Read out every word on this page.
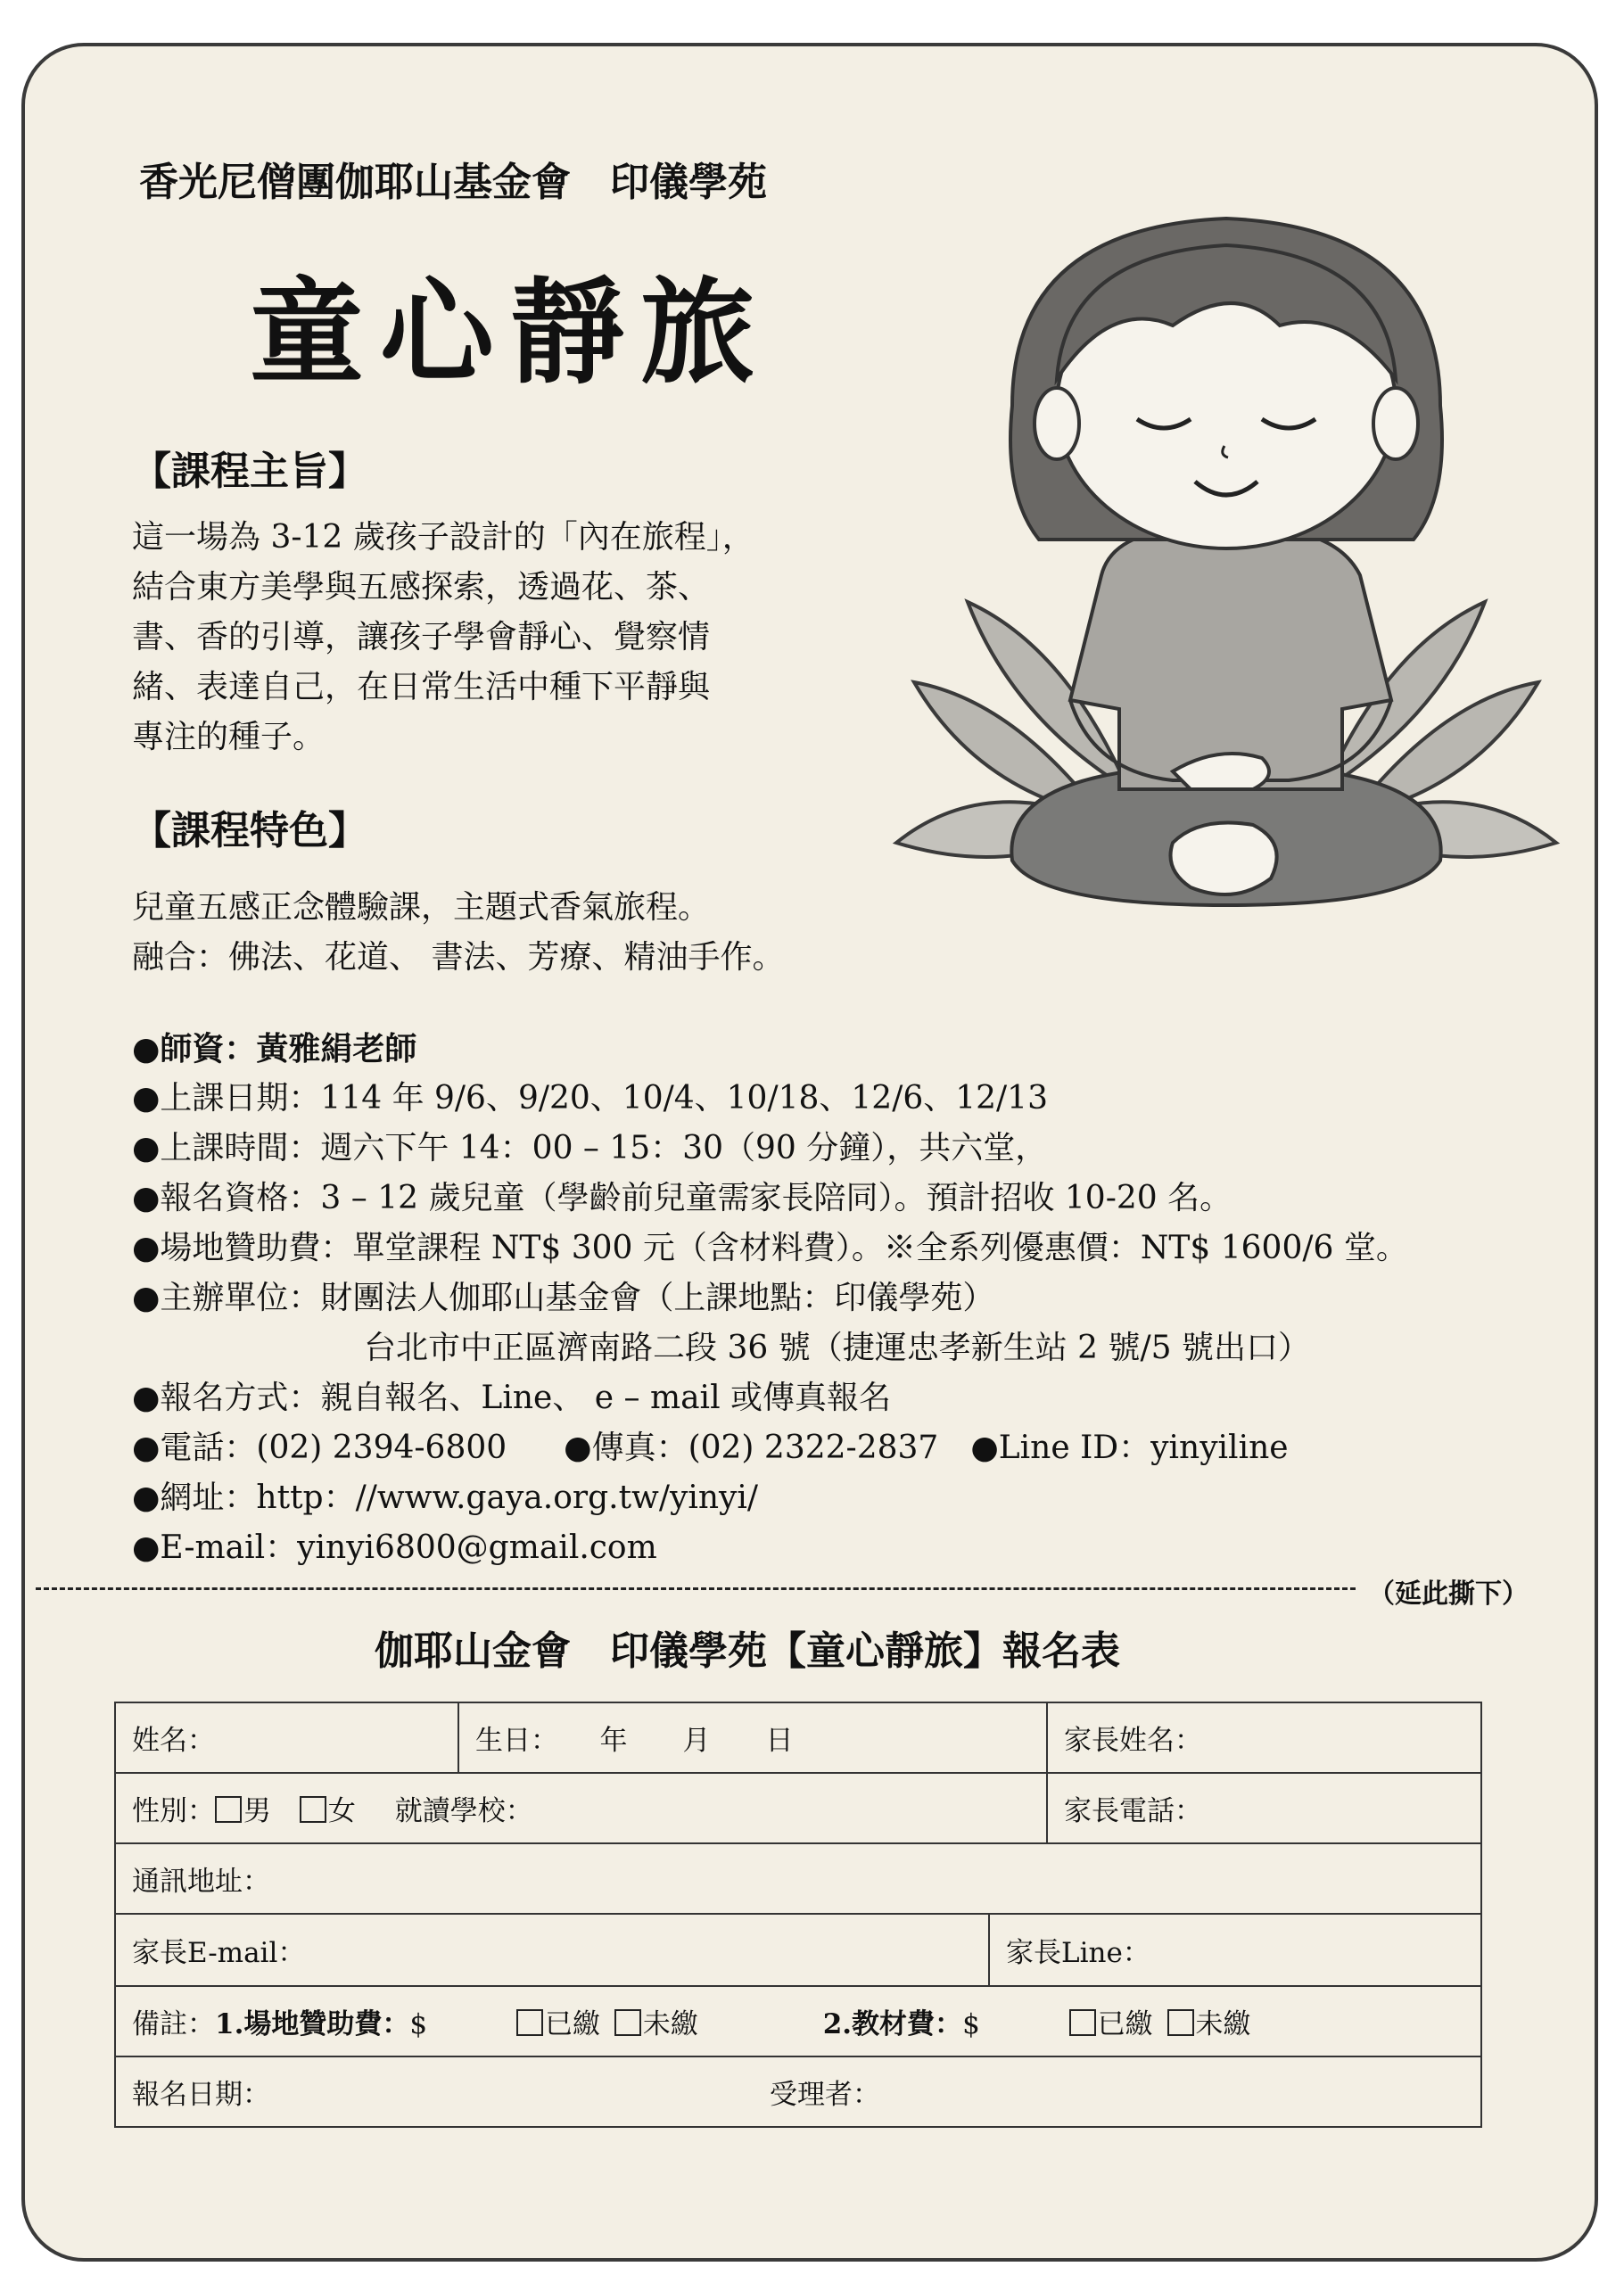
香光尼僧團伽耶山基金會　印儀學苑
童心靜旅
【課程主旨】
這一場為 3-12 歲孩子設計的「內在旅程」，
結合東方美學與五感探索，透過花、茶、
書、香的引導，讓孩子學會靜心、覺察情
緒、表達自己，在日常生活中種下平靜與
專注的種子。
【課程特色】
兒童五感正念體驗課，主題式香氣旅程。
融合：佛法、花道、 書法、芳療、精油手作。
●師資：黃雅絹老師
●上課日期：114 年 9/6、9/20、10/4、10/18、12/6、12/13
●上課時間：週六下午 14：00 – 15：30（90 分鐘），共六堂，
●報名資格：3 – 12 歲兒童（學齡前兒童需家長陪同）。預計招收 10-20 名。
●場地贊助費：單堂課程 NT$ 300 元（含材料費）。※全系列優惠價：NT$ 1600/6 堂。
●主辦單位：財團法人伽耶山基金會（上課地點：印儀學苑）
台北市中正區濟南路二段 36 號（捷運忠孝新生站 2 號/5 號出口）
●報名方式：親自報名、Line、 e – mail 或傳真報名
●電話：(02) 2394-6800 ●傳真：(02) 2322-2837 ●Line ID：yinyiline
●網址：http：//www.gaya.org.tw/yinyi/
●E-mail：yinyi6800@gmail.com
（延此撕下）
伽耶山金會　印儀學苑【童心靜旅】報名表
姓名：	生日：　　年　　月　　日	家長姓名：
性別： 男 女 就讀學校：		家長電話：
通訊地址：		

家長E-mail： 家長Line：		

備註：1.場地贊助費：$ 已繳 未繳 2.教材費：$ 已繳 未繳		
報名日期： 受理者：		
